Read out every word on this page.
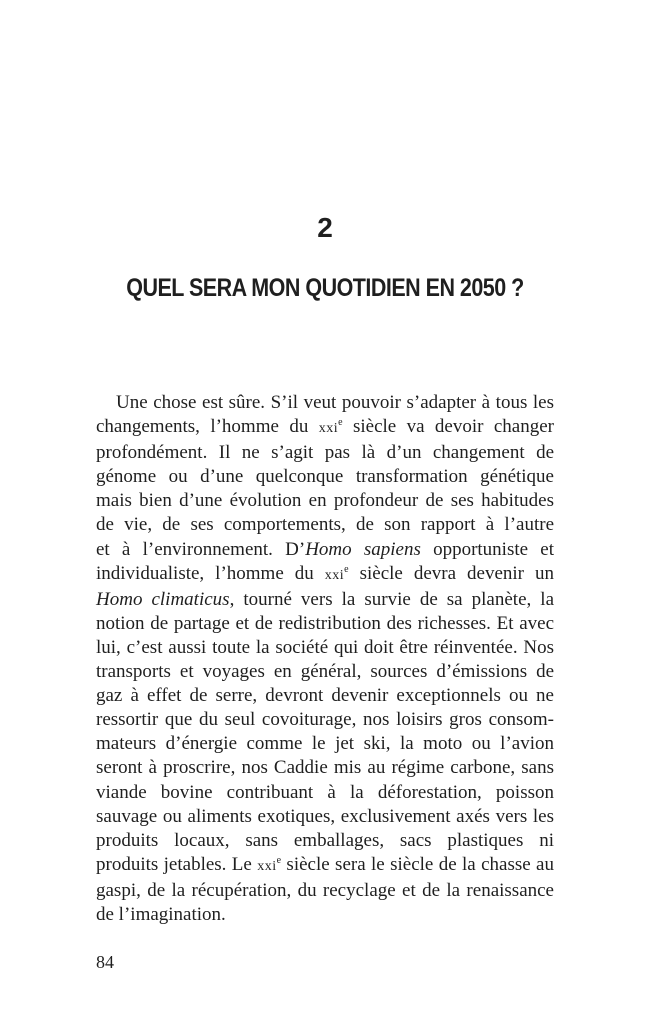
2
QUEL SERA MON QUOTIDIEN EN 2050 ?
Une chose est sûre. S’il veut pouvoir s’adapter à tous les
changements, l’homme du xxi$^e$ siècle va devoir changer
profondément. Il ne s’agit pas là d’un changement de
génome ou d’une quelconque transformation génétique
mais bien d’une évolution en profondeur de ses habitudes
de vie, de ses comportements, de son rapport à l’autre
et à l’environnement. D’Homo sapiens opportuniste et
individualiste, l’homme du xxi$^e$ siècle devra devenir un
Homo climaticus, tourné vers la survie de sa planète, la
notion de partage et de redistribution des richesses. Et avec
lui, c’est aussi toute la société qui doit être réinventée. Nos
transports et voyages en général, sources d’émissions de
gaz à effet de serre, devront devenir exceptionnels ou ne
ressortir que du seul covoiturage, nos loisirs gros consom-
mateurs d’énergie comme le jet ski, la moto ou l’avion
seront à proscrire, nos Caddie mis au régime carbone, sans
viande bovine contribuant à la déforestation, poisson
sauvage ou aliments exotiques, exclusivement axés vers les
produits locaux, sans emballages, sacs plastiques ni
produits jetables. Le xxi$^e$ siècle sera le siècle de la chasse au
gaspi, de la récupération, du recyclage et de la renaissance
de l’imagination.
84
